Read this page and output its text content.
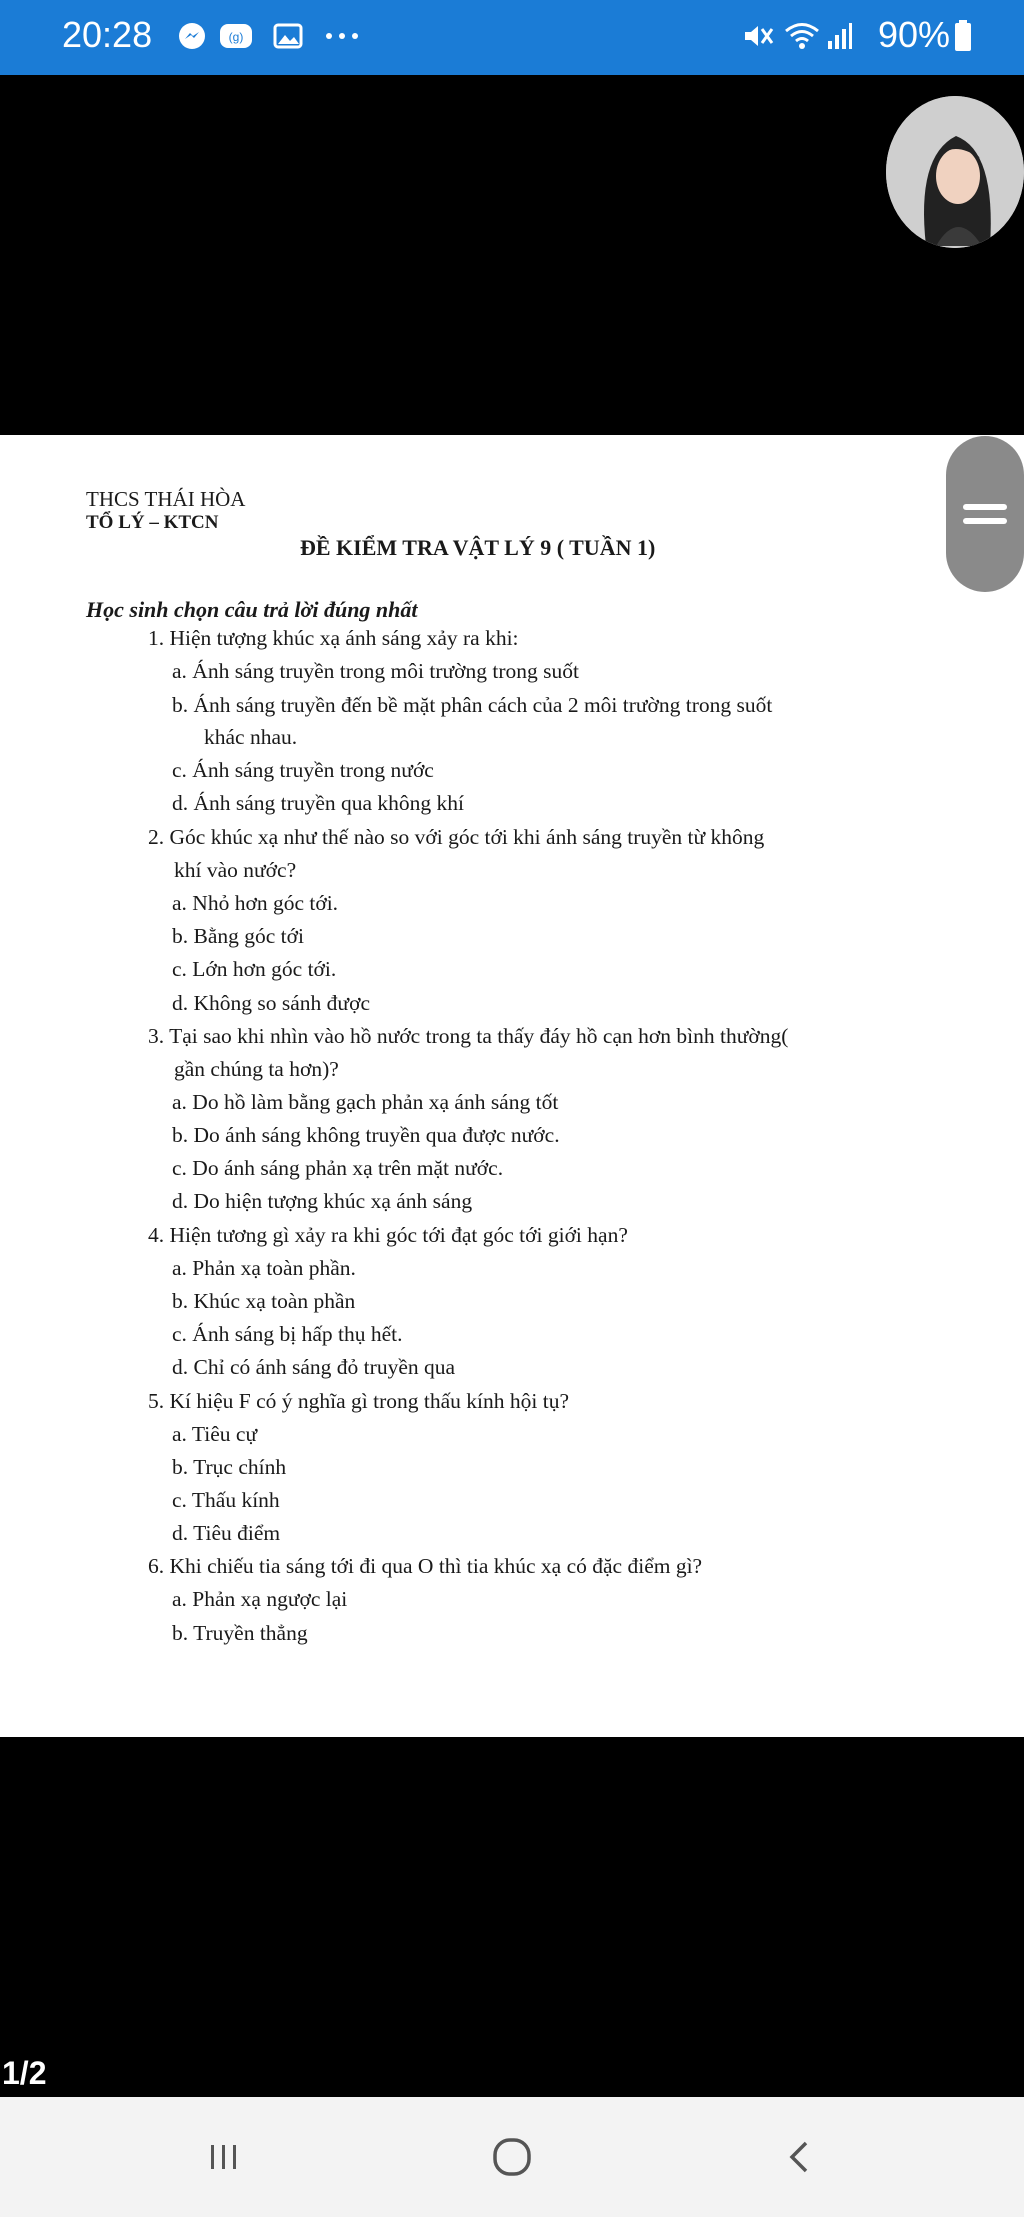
20:28	(g)	90%
THCS THÁI HÒA
TỔ LÝ – KTCN
ĐỀ KIỂM TRA VẬT LÝ 9 ( TUẦN 1)
Học sinh chọn câu trả lời đúng nhất
1. Hiện tượng khúc xạ ánh sáng xảy ra khi:
a. Ánh sáng truyền trong môi trường trong suốt
b. Ánh sáng truyền đến bề mặt phân cách của 2 môi trường trong suốt
khác nhau.
c. Ánh sáng truyền trong nước
d. Ánh sáng truyền qua không khí
2. Góc khúc xạ như thế nào so với góc tới khi ánh sáng truyền từ không
khí vào nước?
a. Nhỏ hơn góc tới.
b. Bằng góc tới
c. Lớn hơn góc tới.
d. Không so sánh được
3. Tại sao khi nhìn vào hồ nước trong ta thấy đáy hồ cạn hơn bình thường(
gần chúng ta hơn)?
a. Do hồ làm bằng gạch phản xạ ánh sáng tốt
b. Do ánh sáng không truyền qua được nước.
c. Do ánh sáng phản xạ trên mặt nước.
d. Do hiện tượng khúc xạ ánh sáng
4. Hiện tương gì xảy ra khi góc tới đạt góc tới giới hạn?
a. Phản xạ toàn phần.
b. Khúc xạ toàn phần
c. Ánh sáng bị hấp thụ hết.
d. Chỉ có ánh sáng đỏ truyền qua
5. Kí hiệu F có ý nghĩa gì trong thấu kính hội tụ?
a. Tiêu cự
b. Trục chính
c. Thấu kính
d. Tiêu điểm
6. Khi chiếu tia sáng tới đi qua O thì tia khúc xạ có đặc điểm gì?
a. Phản xạ ngược lại
b. Truyền thẳng
1/2
